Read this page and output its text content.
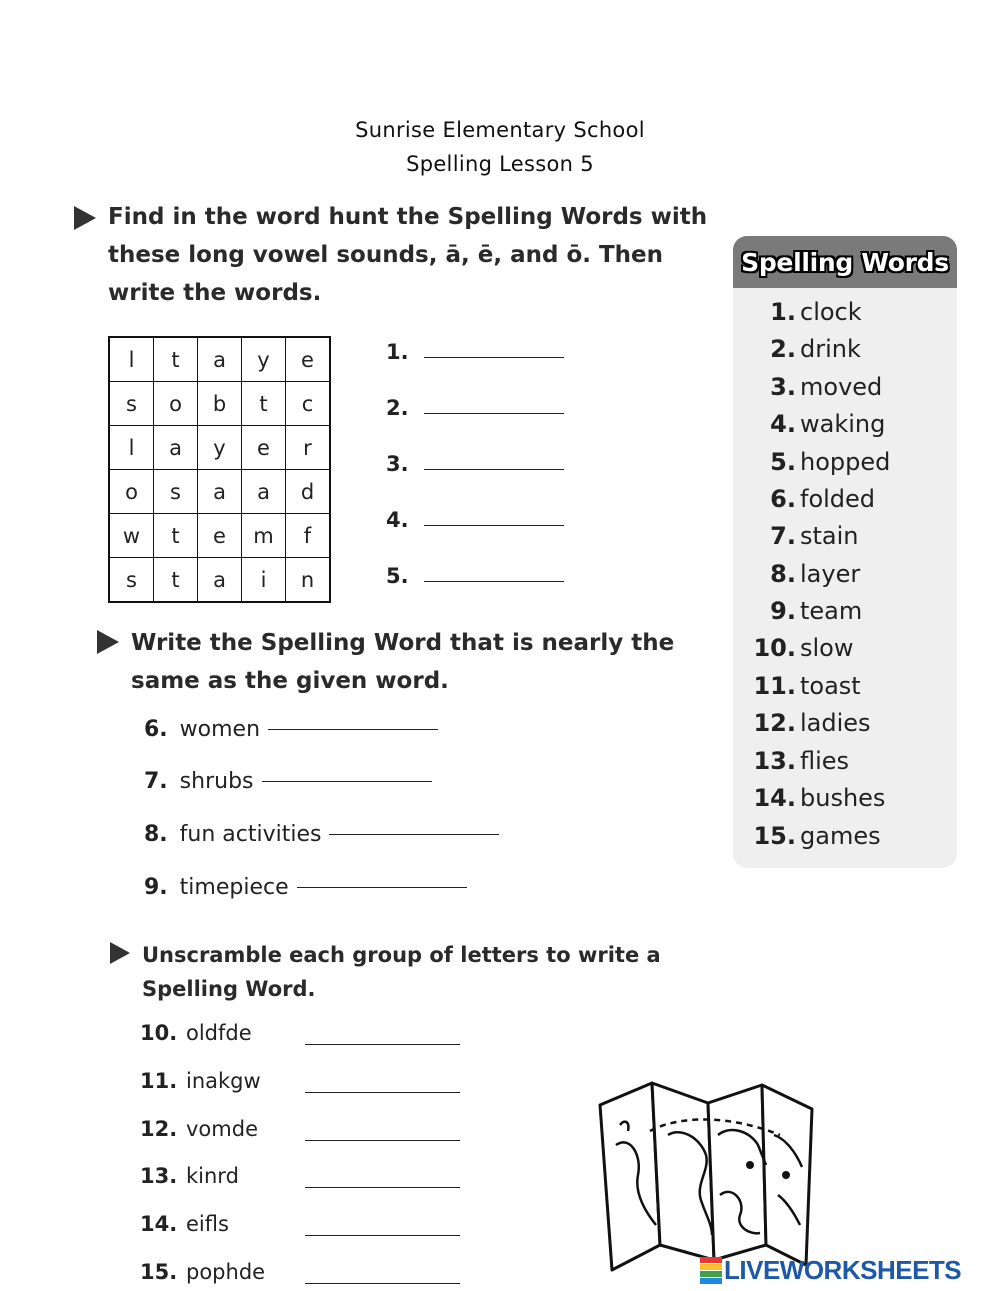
Sunrise Elementary School
Spelling Lesson 5
Find in the word hunt the Spelling Words with these long vowel sounds, ā, ē, and ō. Then write the words.
l	t	a	y	e
s	o	b	t	c
l	a	y	e	r
o	s	a	a	d
w	t	e	m	f
s	t	a	i	n
1.
2.
3.
4.
5.
Write the Spelling Word that is nearly the same as the given word.
6. women
7. shrubs
8. fun activities
9. timepiece
Unscramble each group of letters to write a Spelling Word.
10. oldfde
11. inakgw
12. vomde
13. kinrd
14. eifls
15. pophde
Spelling Words
1. clock
2. drink
3. moved
4. waking
5. hopped
6. folded
7. stain
8. layer
9. team
10. slow
11. toast
12. ladies
13. flies
14. bushes
15. games
LIVEWORKSHEETS
